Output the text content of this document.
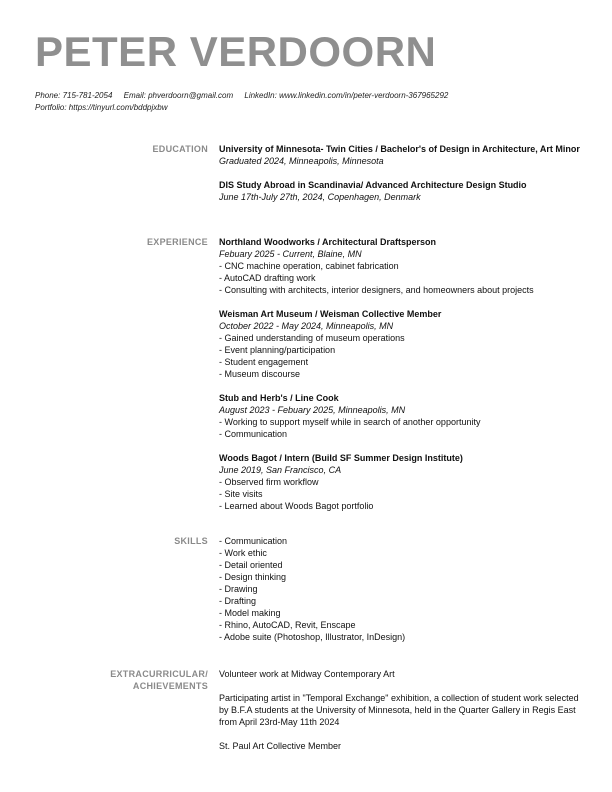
PETER VERDOORN
Phone: 715-781-2054 Email: phverdoorn@gmail.com LinkedIn: www.linkedin.com/in/peter-verdoorn-367965292
Portfolio: https://tinyurl.com/bddpjxbw
EDUCATION University of Minnesota- Twin Cities / Bachelor's of Design in Architecture, Art Minor
Graduated 2024, Minneapolis, Minnesota
DIS Study Abroad in Scandinavia/ Advanced Architecture Design Studio
June 17th-July 27th, 2024, Copenhagen, Denmark
EXPERIENCE Northland Woodworks / Architectural Draftsperson
Febuary 2025 - Current, Blaine, MN
- CNC machine operation, cabinet fabrication
- AutoCAD drafting work
- Consulting with architects, interior designers, and homeowners about projects
Weisman Art Museum / Weisman Collective Member
October 2022 - May 2024, Minneapolis, MN
- Gained understanding of museum operations
- Event planning/participation
- Student engagement
- Museum discourse
Stub and Herb's / Line Cook
August 2023 - Febuary 2025, Minneapolis, MN
- Working to support myself while in search of another opportunity
- Communication
Woods Bagot / Intern (Build SF Summer Design Institute)
June 2019, San Francisco, CA
- Observed firm workflow
- Site visits
- Learned about Woods Bagot portfolio
SKILLS - Communication
- Work ethic
- Detail oriented
- Design thinking
- Drawing
- Drafting
- Model making
- Rhino, AutoCAD, Revit, Enscape
- Adobe suite (Photoshop, Illustrator, InDesign)
EXTRACURRICULAR/
ACHIEVEMENTS
Volunteer work at Midway Contemporary Art
Participating artist in "Temporal Exchange" exhibition, a collection of student work selected by B.F.A students at the University of Minnesota, held in the Quarter Gallery in Regis East from April 23rd-May 11th 2024
St. Paul Art Collective Member
